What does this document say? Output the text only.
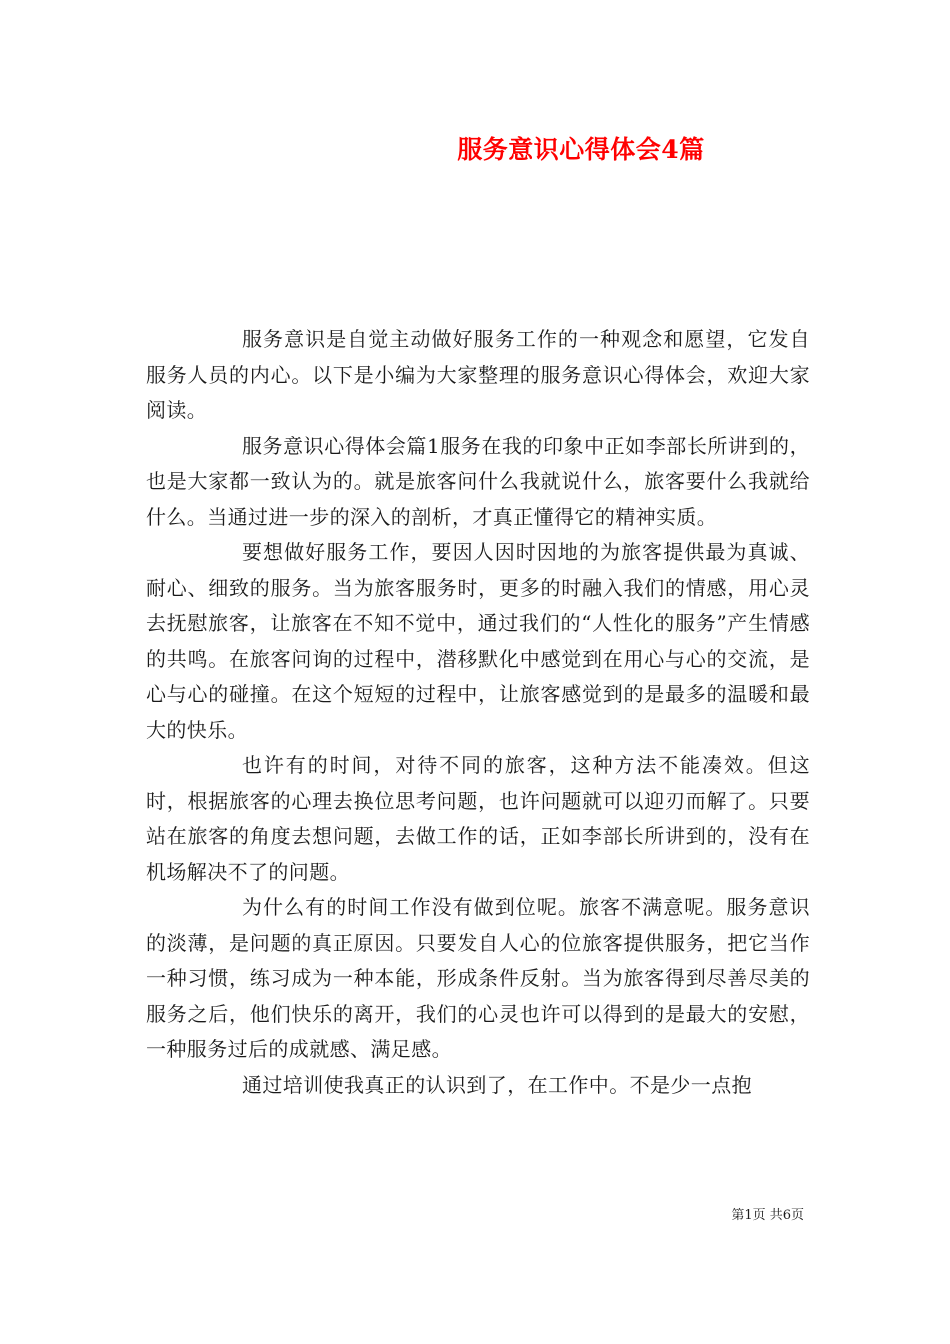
服务意识心得体会4篇

服务意识是自觉主动做好服务工作的一种观念和愿望，它发自服务人员的内心。以下是小编为大家整理的服务意识心得体会，欢迎大家阅读。

服务意识心得体会篇1服务在我的印象中正如李部长所讲到的，也是大家都一致认为的。就是旅客问什么我就说什么，旅客要什么我就给什么。当通过进一步的深入的剖析，才真正懂得它的精神实质。

要想做好服务工作，要因人因时因地的为旅客提供最为真诚、耐心、细致的服务。当为旅客服务时，更多的时融入我们的情感，用心灵去抚慰旅客，让旅客在不知不觉中，通过我们的“人性化的服务”产生情感的共鸣。在旅客问询的过程中，潜移默化中感觉到在用心与心的交流，是心与心的碰撞。在这个短短的过程中，让旅客感觉到的是最多的温暖和最大的快乐。

也许有的时间，对待不同的旅客，这种方法不能凑效。但这时，根据旅客的心理去换位思考问题，也许问题就可以迎刃而解了。只要站在旅客的角度去想问题，去做工作的话，正如李部长所讲到的，没有在机场解决不了的问题。

为什么有的时间工作没有做到位呢。旅客不满意呢。服务意识的淡薄，是问题的真正原因。只要发自人心的位旅客提供服务，把它当作一种习惯，练习成为一种本能，形成条件反射。当为旅客得到尽善尽美的服务之后，他们快乐的离开，我们的心灵也许可以得到的是最大的安慰，一种服务过后的成就感、满足感。

通过培训使我真正的认识到了，在工作中。不是少一点抱

第1页 共6页
